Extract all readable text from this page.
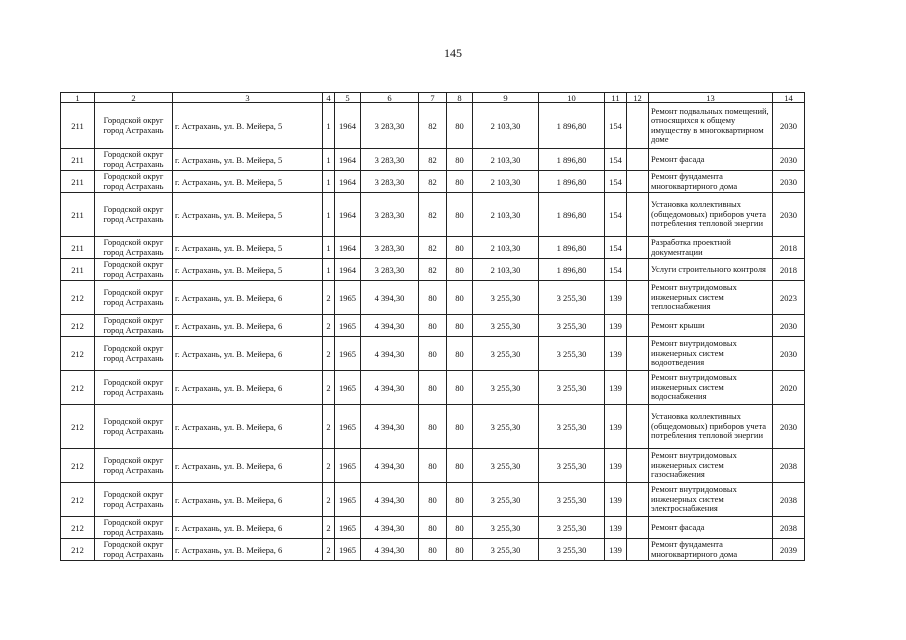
145
1	2	3	4	5	6	7	8	9	10	11	12	13	14
211	Городской округ город Астрахань	г. Астрахань, ул. В. Мейера, 5	1	1964	3 283,30	82	80	2 103,30	1 896,80	154		Ремонт подвальных помещений, относящихся к общему имуществу в многоквартирном доме	2030
211	Городской округ город Астрахань	г. Астрахань, ул. В. Мейера, 5	1	1964	3 283,30	82	80	2 103,30	1 896,80	154		Ремонт фасада	2030
211	Городской округ город Астрахань	г. Астрахань, ул. В. Мейера, 5	1	1964	3 283,30	82	80	2 103,30	1 896,80	154		Ремонт фундамента многоквартирного дома	2030
211	Городской округ город Астрахань	г. Астрахань, ул. В. Мейера, 5	1	1964	3 283,30	82	80	2 103,30	1 896,80	154		Установка коллективных (общедомовых) приборов учета потребления тепловой энергии	2030
211	Городской округ город Астрахань	г. Астрахань, ул. В. Мейера, 5	1	1964	3 283,30	82	80	2 103,30	1 896,80	154		Разработка проектной документации	2018
211	Городской округ город Астрахань	г. Астрахань, ул. В. Мейера, 5	1	1964	3 283,30	82	80	2 103,30	1 896,80	154		Услуги строительного контроля	2018
212	Городской округ город Астрахань	г. Астрахань, ул. В. Мейера, 6	2	1965	4 394,30	80	80	3 255,30	3 255,30	139		Ремонт внутридомовых инженерных систем теплоснабжения	2023
212	Городской округ город Астрахань	г. Астрахань, ул. В. Мейера, 6	2	1965	4 394,30	80	80	3 255,30	3 255,30	139		Ремонт крыши	2030
212	Городской округ город Астрахань	г. Астрахань, ул. В. Мейера, 6	2	1965	4 394,30	80	80	3 255,30	3 255,30	139		Ремонт внутридомовых инженерных систем водоотведения	2030
212	Городской округ город Астрахань	г. Астрахань, ул. В. Мейера, 6	2	1965	4 394,30	80	80	3 255,30	3 255,30	139		Ремонт внутридомовых инженерных систем водоснабжения	2020
212	Городской округ город Астрахань	г. Астрахань, ул. В. Мейера, 6	2	1965	4 394,30	80	80	3 255,30	3 255,30	139		Установка коллективных (общедомовых) приборов учета потребления тепловой энергии	2030
212	Городской округ город Астрахань	г. Астрахань, ул. В. Мейера, 6	2	1965	4 394,30	80	80	3 255,30	3 255,30	139		Ремонт внутридомовых инженерных систем газоснабжения	2038
212	Городской округ город Астрахань	г. Астрахань, ул. В. Мейера, 6	2	1965	4 394,30	80	80	3 255,30	3 255,30	139		Ремонт внутридомовых инженерных систем электроснабжения	2038
212	Городской округ город Астрахань	г. Астрахань, ул. В. Мейера, 6	2	1965	4 394,30	80	80	3 255,30	3 255,30	139		Ремонт фасада	2038
212	Городской округ город Астрахань	г. Астрахань, ул. В. Мейера, 6	2	1965	4 394,30	80	80	3 255,30	3 255,30	139		Ремонт фундамента многоквартирного дома	2039
